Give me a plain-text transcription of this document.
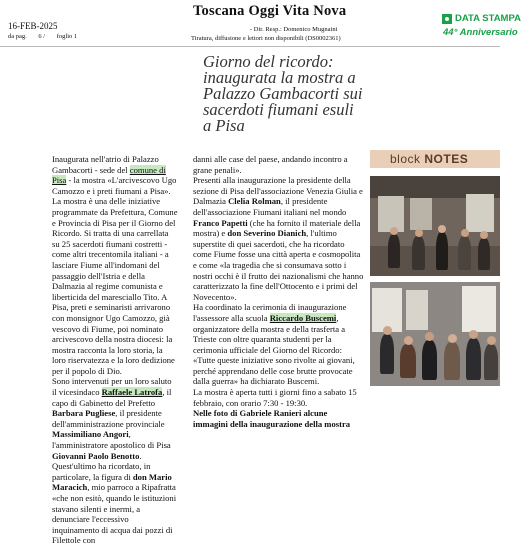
16-FEB-2025
da pag. 6 / foglio 1
Toscana Oggi Vita Nova
- Dir. Resp.: Domenico Mugnaini
Tiratura, diffusione e lettori non disponibili (DS0002361)
DATA STAMPA
44° Anniversario
Giorno del ricordo: inaugurata la mostra a Palazzo Gambacorti sui sacerdoti fiumani esuli a Pisa

Inaugurata nell'atrio di Palazzo Gambacorti - sede del comune di Pisa - la mostra «L'arcivescovo Ugo Camozzo e i preti fiumani a Pisa». La mostra è una delle iniziative programmate da Prefettura, Comune e Provincia di Pisa per il Giorno del Ricordo. Si tratta di una carrellata su 25 sacerdoti fiumani costretti - come altri trecentomila italiani - a lasciare Fiume all'indomani del passaggio dell'Istria e della Dalmazia al regime comunista e liberticida del maresciallo Tito. A Pisa, preti e seminaristi arrivarono con monsignor Ugo Camozzo, già vescovo di Fiume, poi nominato arcivescovo della nostra diocesi: la mostra racconta la loro storia, la loro riservatezza e la loro dedizione per il popolo di Dio.

Sono intervenuti per un loro saluto il vicesindaco Raffaele Latrofa, il capo di Gabinetto del Prefetto Barbara Pugliese, il presidente dell'amministrazione provinciale Massimiliano Angori, l'amministratore apostolico di Pisa Giovanni Paolo Benotto. Quest'ultimo ha ricordato, in particolare, la figura di don Mario Maracich, mio parroco a Ripafratta «che non esitò, quando le istituzioni stavano silenti e inermi, a denunciare l'eccessivo inquinamento di acqua dai pozzi di Filettole con

danni alle case del paese, andando incontro a grane penali».

Presenti alla inaugurazione la presidente della sezione di Pisa dell'associazione Venezia Giulia e Dalmazia Clelia Rolman, il presidente dell'associazione Fiumani italiani nel mondo Franco Papetti (che ha fornito il materiale della mostra) e don Severino Dianich, l'ultimo superstite di quei sacerdoti, che ha ricordato come Fiume fosse una città aperta e cosmopolita e come «la tragedia che si consumava sotto i nostri occhi è il frutto dei nazionalismi che hanno caratterizzato la fine dell'Ottocento e i primi del Novecento».

Ha coordinato la cerimonia di inaugurazione l'assessore alla scuola Riccardo Buscemi, organizzatore della mostra e della trasferta a Trieste con oltre quaranta studenti per la cerimonia ufficiale del Giorno del Ricordo: «Tutte queste iniziative sono rivolte ai giovani, perché apprendano delle cose brutte provocate dalla guerra» ha dichiarato Buscemi.

La mostra è aperta tutti i giorni fino a sabato 15 febbraio, con orario 7:30 - 19:30.

Nelle foto di Gabriele Ranieri alcune immagini della inaugurazione della mostra

block NOTES
